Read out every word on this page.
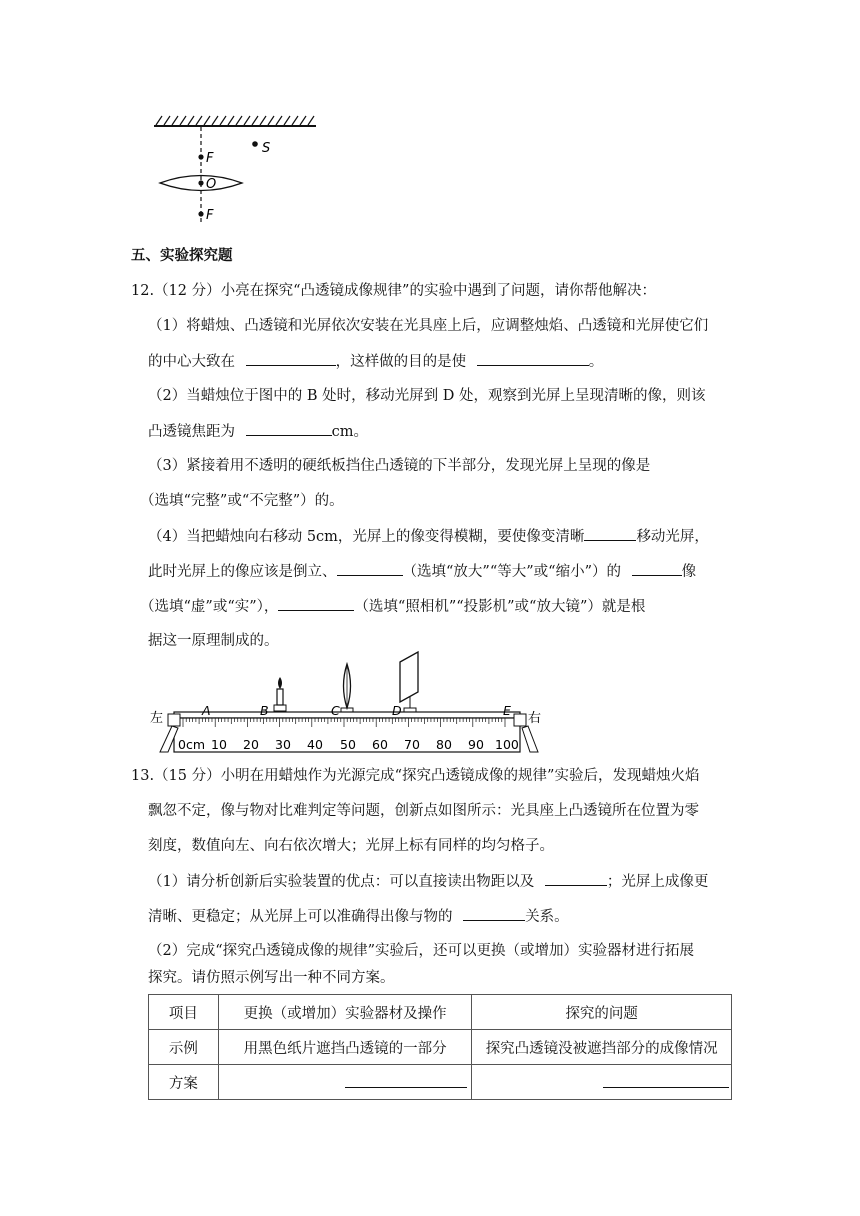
F
O
F
S
五、实验探究题
12.（12 分）小亮在探究“凸透镜成像规律”的实验中遇到了问题，请你帮他解决：
（1）将蜡烛、凸透镜和光屏依次安装在光具座上后，应调整烛焰、凸透镜和光屏使它们
的中心大致在	，这样做的目的是使	。
（2）当蜡烛位于图中的 B 处时，移动光屏到 D 处，观察到光屏上呈现清晰的像，则该
凸透镜焦距为	cm。
（3）紧接着用不透明的硬纸板挡住凸透镜的下半部分，发现光屏上呈现的像是
（选填“完整”或“不完整”）的。
（4）当把蜡烛向右移动 5cm，光屏上的像变得模糊，要使像变清晰	移动光屏，
此时光屏上的像应该是倒立、	（选填“放大”“等大”或“缩小”）的	像
（选填“虚”或“实”），	（选填“照相机”“投影机”或“放大镜”）就是根
据这一原理制成的。
左	右
A	B	C	D	E
0cm 10 20 30 40 50 60 70 80 90 100
13.（15 分）小明在用蜡烛作为光源完成“探究凸透镜成像的规律”实验后，发现蜡烛火焰
飘忽不定，像与物对比难判定等问题，创新点如图所示：光具座上凸透镜所在位置为零
刻度，数值向左、向右依次增大；光屏上标有同样的均匀格子。
（1）请分析创新后实验装置的优点：可以直接读出物距以及	；光屏上成像更
清晰、更稳定；从光屏上可以准确得出像与物的	关系。
（2）完成“探究凸透镜成像的规律”实验后，还可以更换（或增加）实验器材进行拓展
探究。请仿照示例写出一种不同方案。
项目	更换（或增加）实验器材及操作	探究的问题
示例	用黑色纸片遮挡凸透镜的一部分	探究凸透镜没被遮挡部分的成像情况
方案		
